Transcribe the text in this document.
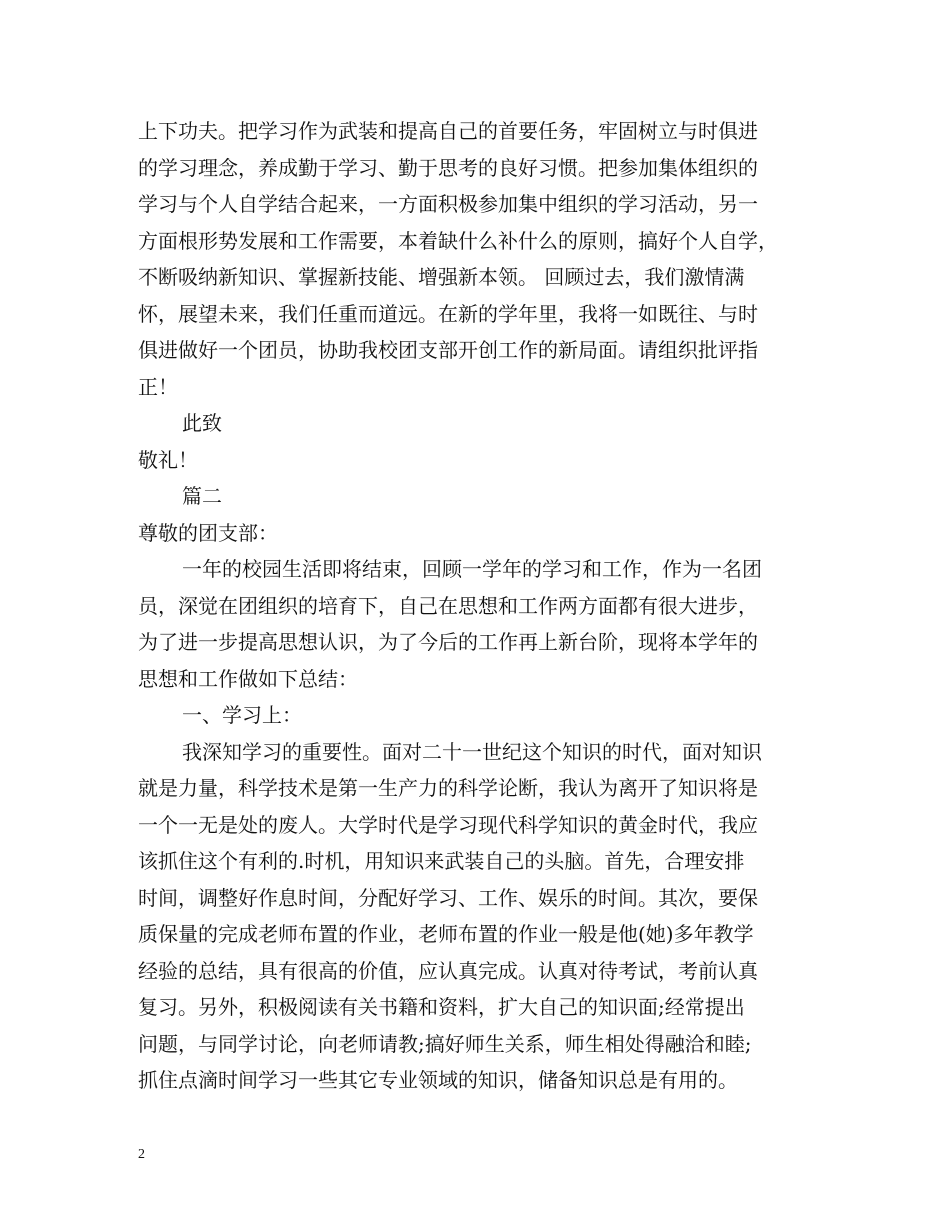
上下功夫。把学习作为武装和提高自己的首要任务，牢固树立与时俱进

的学习理念，养成勤于学习、勤于思考的良好习惯。把参加集体组织的

学习与个人自学结合起来，一方面积极参加集中组织的学习活动，另一

方面根形势发展和工作需要，本着缺什么补什么的原则，搞好个人自学，

不断吸纳新知识、掌握新技能、增强新本领。 回顾过去，我们激情满

怀，展望未来，我们任重而道远。在新的学年里，我将一如既往、与时

俱进做好一个团员，协助我校团支部开创工作的新局面。请组织批评指

正！

此致

敬礼！

篇二

尊敬的团支部：

一年的校园生活即将结束，回顾一学年的学习和工作，作为一名团

员，深觉在团组织的培育下，自己在思想和工作两方面都有很大进步，

为了进一步提高思想认识，为了今后的工作再上新台阶，现将本学年的

思想和工作做如下总结：

一、学习上：

我深知学习的重要性。面对二十一世纪这个知识的时代，面对知识

就是力量，科学技术是第一生产力的科学论断，我认为离开了知识将是

一个一无是处的废人。大学时代是学习现代科学知识的黄金时代，我应

该抓住这个有利的.时机，用知识来武装自己的头脑。首先，合理安排

时间，调整好作息时间，分配好学习、工作、娱乐的时间。其次，要保

质保量的完成老师布置的作业，老师布置的作业一般是他(她)多年教学

经验的总结，具有很高的价值，应认真完成。认真对待考试，考前认真

复习。另外，积极阅读有关书籍和资料，扩大自己的知识面;经常提出

问题，与同学讨论，向老师请教;搞好师生关系，师生相处得融洽和睦;

抓住点滴时间学习一些其它专业领域的知识，储备知识总是有用的。

2
